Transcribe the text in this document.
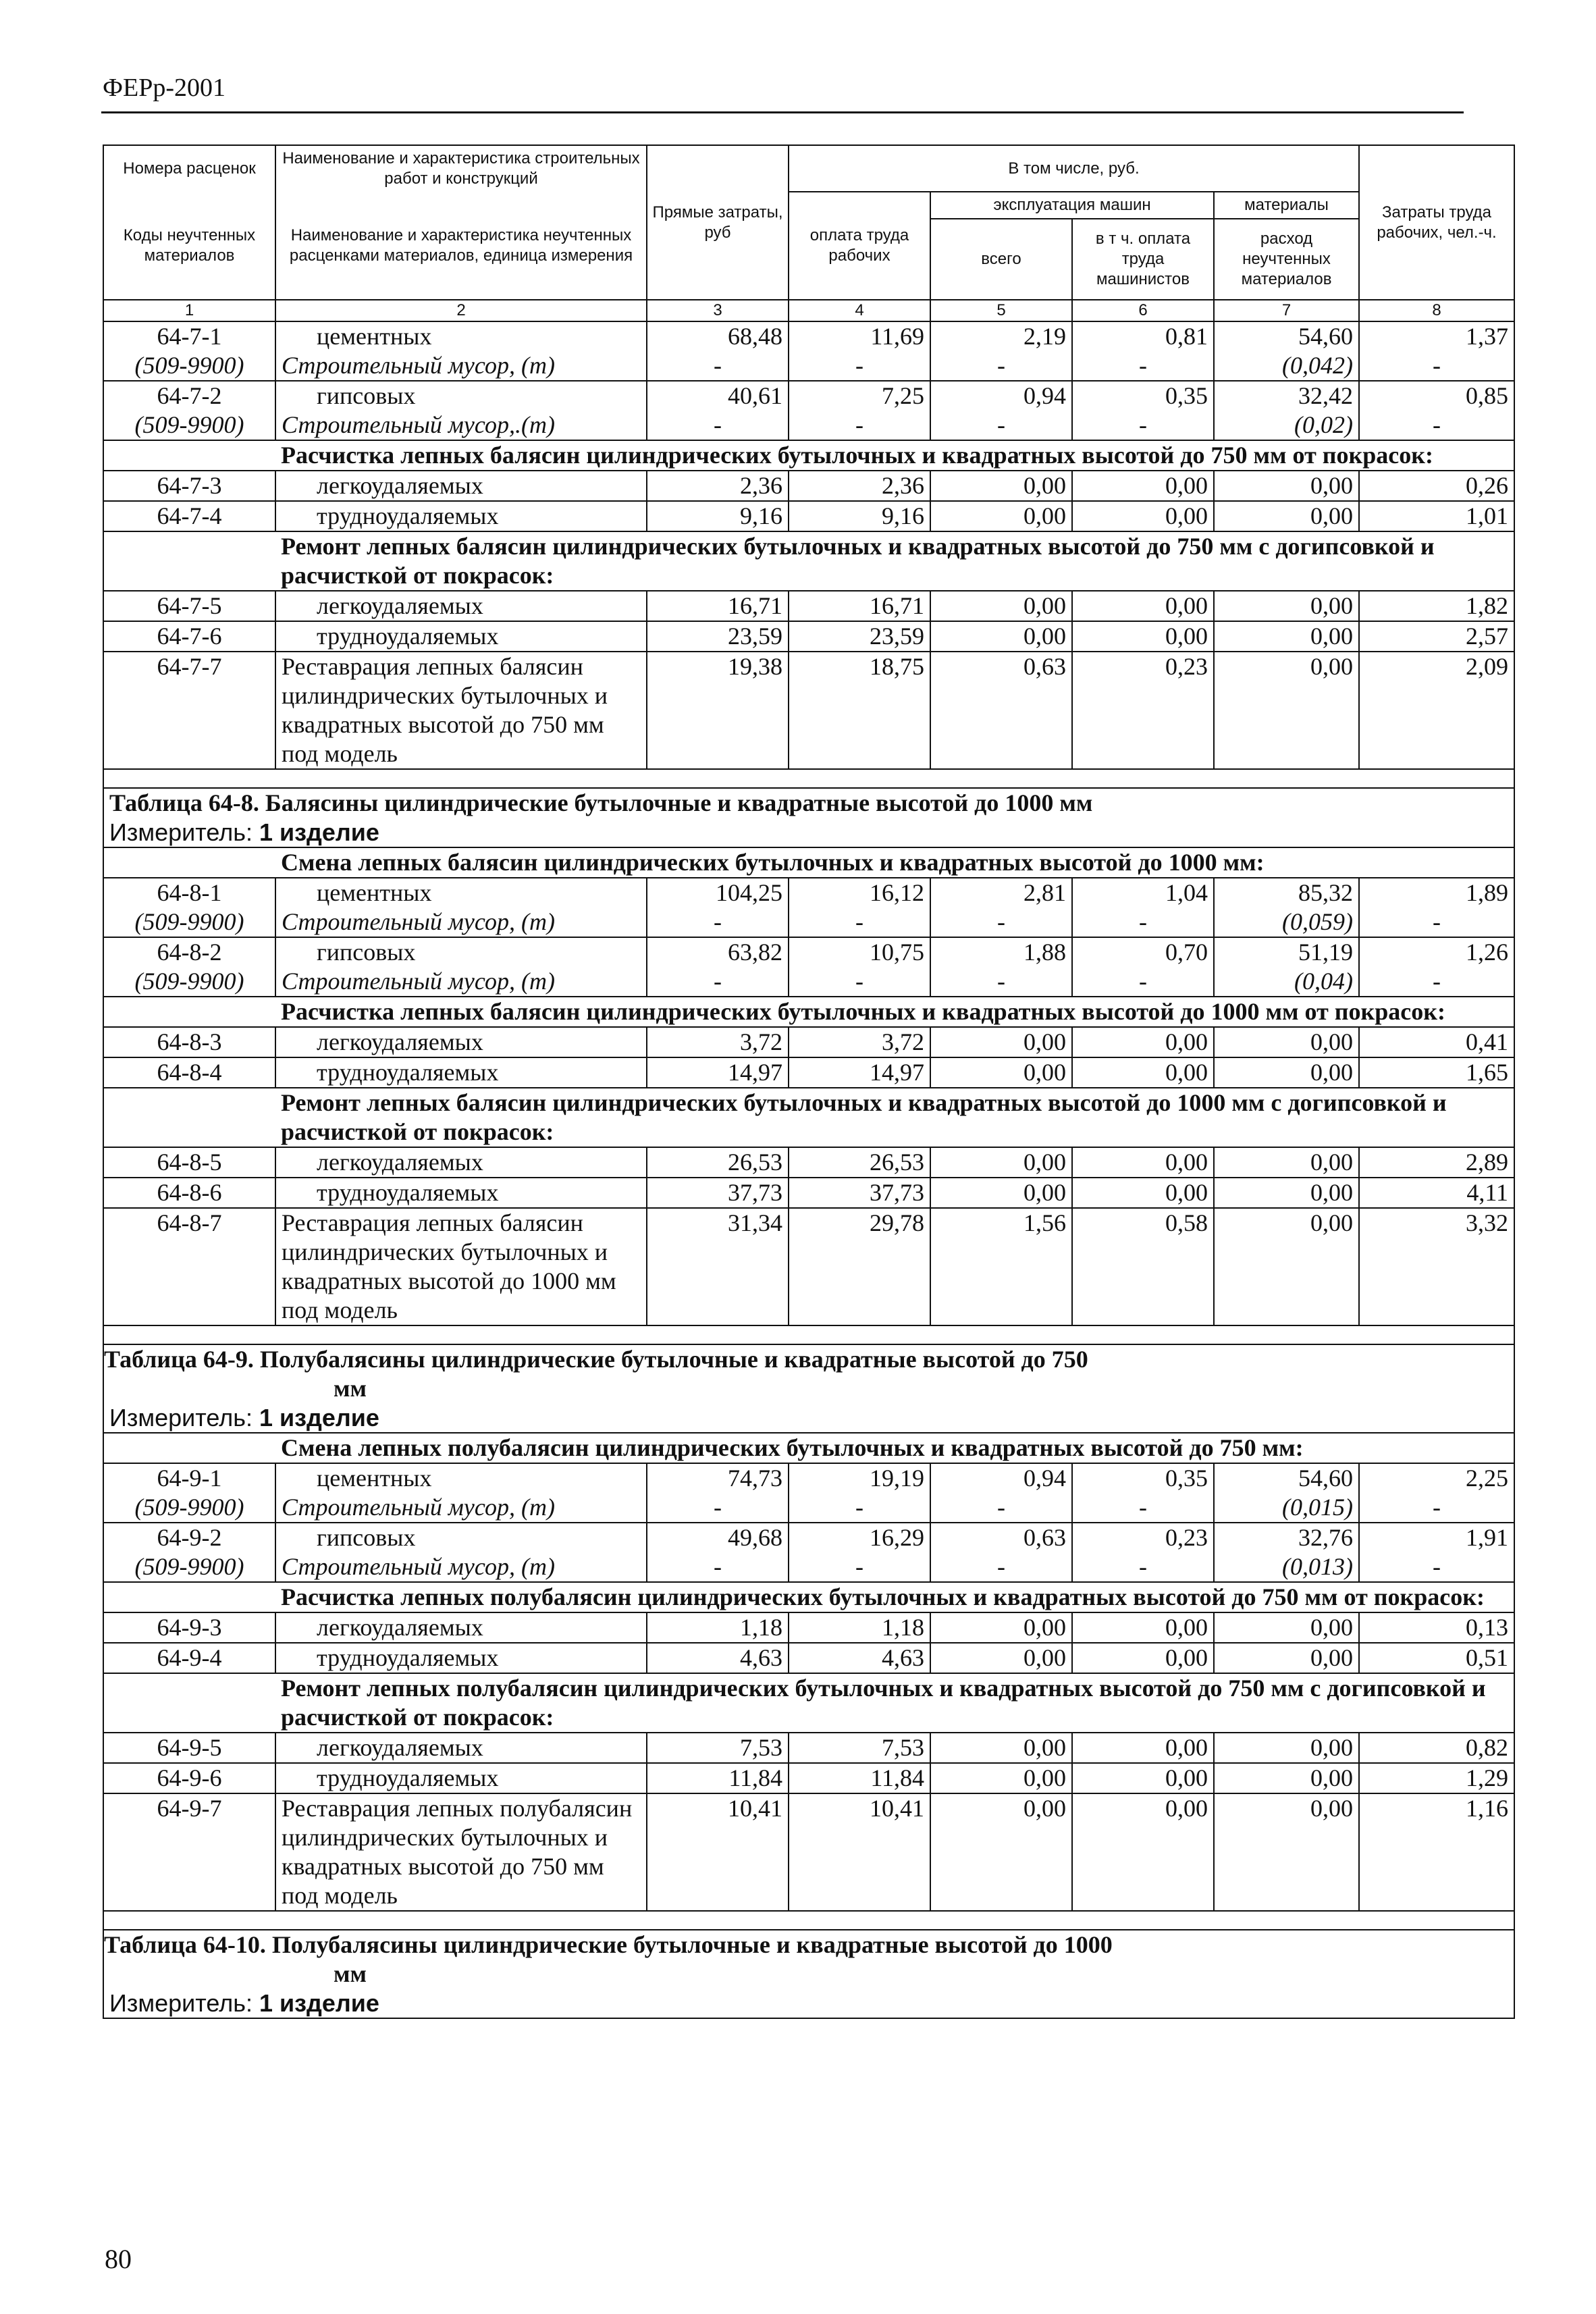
ФЕРр-2001
Номера расценок	Наименование и характеристика строительных работ и конструкций	Прямые затраты, руб	В том числе, руб.				Затраты труда рабочих, чел.-ч.
Коды неучтенных материалов	Наименование и характеристика неучтенных расценками материалов, единица измерения		оплата труда рабочих	эксплуатация машин		материалы	
				всего	в т ч. оплата труда машинистов	расход неучтенных материалов	
1	2	3	4	5	6	7	8
64-7-1	цементных	68,48	11,69	2,19	0,81	54,60	1,37
(509-9900)	Строительный мусор, (т)	-	-	-	-	(0,042)	-
64-7-2	гипсовых	40,61	7,25	0,94	0,35	32,42	0,85
(509-9900)	Строительный мусор,.(т)	-	-	-	-	(0,02)	-
	Расчистка лепных балясин цилиндрических бутылочных и квадратных высотой до 750 мм от покрасок:						
64-7-3	легкоудаляемых	2,36	2,36	0,00	0,00	0,00	0,26
64-7-4	трудноудаляемых	9,16	9,16	0,00	0,00	0,00	1,01
	Ремонт лепных балясин цилиндрических бутылочных и квадратных высотой до 750 мм с догипсовкой и расчисткой от покрасок:						
64-7-5	легкоудаляемых	16,71	16,71	0,00	0,00	0,00	1,82
64-7-6	трудноудаляемых	23,59	23,59	0,00	0,00	0,00	2,57
64-7-7	Реставрация лепных балясин цилиндрических бутылочных и квадратных высотой до 750 мм под модель	19,38	18,75	0,63	0,23	0,00	2,09

Таблица 64-8. Балясины цилиндрические бутылочные и квадратные высотой до 1000 мм							
Измеритель: 1 изделие							
	Смена лепных балясин цилиндрических бутылочных и квадратных высотой до 1000 мм:						
64-8-1	цементных	104,25	16,12	2,81	1,04	85,32	1,89
(509-9900)	Строительный мусор, (т)	-	-	-	-	(0,059)	-
64-8-2	гипсовых	63,82	10,75	1,88	0,70	51,19	1,26
(509-9900)	Строительный мусор, (т)	-	-	-	-	(0,04)	-
	Расчистка лепных балясин цилиндрических бутылочных и квадратных высотой до 1000 мм от покрасок:						
64-8-3	легкоудаляемых	3,72	3,72	0,00	0,00	0,00	0,41
64-8-4	трудноудаляемых	14,97	14,97	0,00	0,00	0,00	1,65
	Ремонт лепных балясин цилиндрических бутылочных и квадратных высотой до 1000 мм с догипсовкой и расчисткой от покрасок:						
64-8-5	легкоудаляемых	26,53	26,53	0,00	0,00	0,00	2,89
64-8-6	трудноудаляемых	37,73	37,73	0,00	0,00	0,00	4,11
64-8-7	Реставрация лепных балясин цилиндрических бутылочных и квадратных высотой до 1000 мм под модель	31,34	29,78	1,56	0,58	0,00	3,32

Таблица 64-9. Полубалясины цилиндрические бутылочные и квадратные высотой до 750
мм							

Измеритель: 1 изделие							
	Смена лепных полубалясин цилиндрических бутылочных и квадратных высотой до 750 мм:						
64-9-1	цементных	74,73	19,19	0,94	0,35	54,60	2,25
(509-9900)	Строительный мусор, (т)	-	-	-	-	(0,015)	-
64-9-2	гипсовых	49,68	16,29	0,63	0,23	32,76	1,91
(509-9900)	Строительный мусор, (т)	-	-	-	-	(0,013)	-
	Расчистка лепных полубалясин цилиндрических бутылочных и квадратных высотой до 750 мм от покрасок:						
64-9-3	легкоудаляемых	1,18	1,18	0,00	0,00	0,00	0,13
64-9-4	трудноудаляемых	4,63	4,63	0,00	0,00	0,00	0,51
	Ремонт лепных полубалясин цилиндрических бутылочных и квадратных высотой до 750 мм с догипсовкой и расчисткой от покрасок:						
64-9-5	легкоудаляемых	7,53	7,53	0,00	0,00	0,00	0,82
64-9-6	трудноудаляемых	11,84	11,84	0,00	0,00	0,00	1,29
64-9-7	Реставрация лепных полубалясин цилиндрических бутылочных и квадратных высотой до 750 мм под модель	10,41	10,41	0,00	0,00	0,00	1,16

Таблица 64-10. Полубалясины цилиндрические бутылочные и квадратные высотой до 1000
мм							

Измеритель: 1 изделие							
80
